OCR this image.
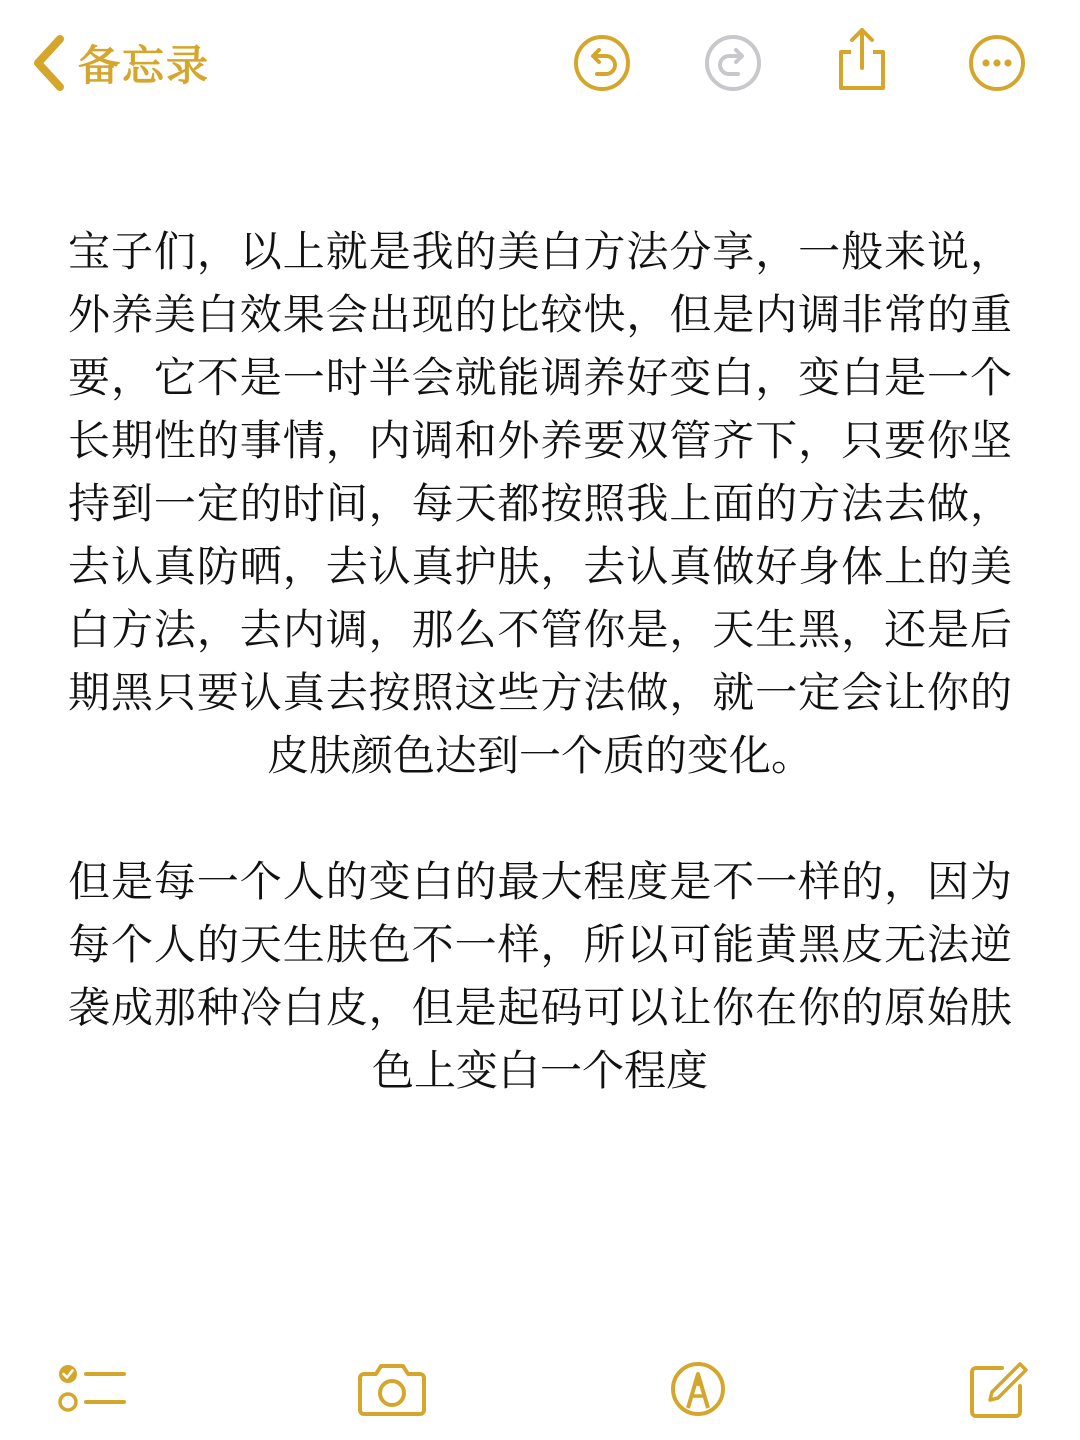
备忘录

宝子们，以上就是我的美白方法分享，一般来说，外养美白效果会出现的比较快，但是内调非常的重要，它不是一时半会就能调养好变白，变白是一个长期性的事情，内调和外养要双管齐下，只要你坚持到一定的时间，每天都按照我上面的方法去做，去认真防晒，去认真护肤，去认真做好身体上的美白方法，去内调，那么不管你是，天生黑，还是后期黑只要认真去按照这些方法做，就一定会让你的皮肤颜色达到一个质的变化。

但是每一个人的变白的最大程度是不一样的，因为每个人的天生肤色不一样，所以可能黄黑皮无法逆袭成那种冷白皮，但是起码可以让你在你的原始肤色上变白一个程度
